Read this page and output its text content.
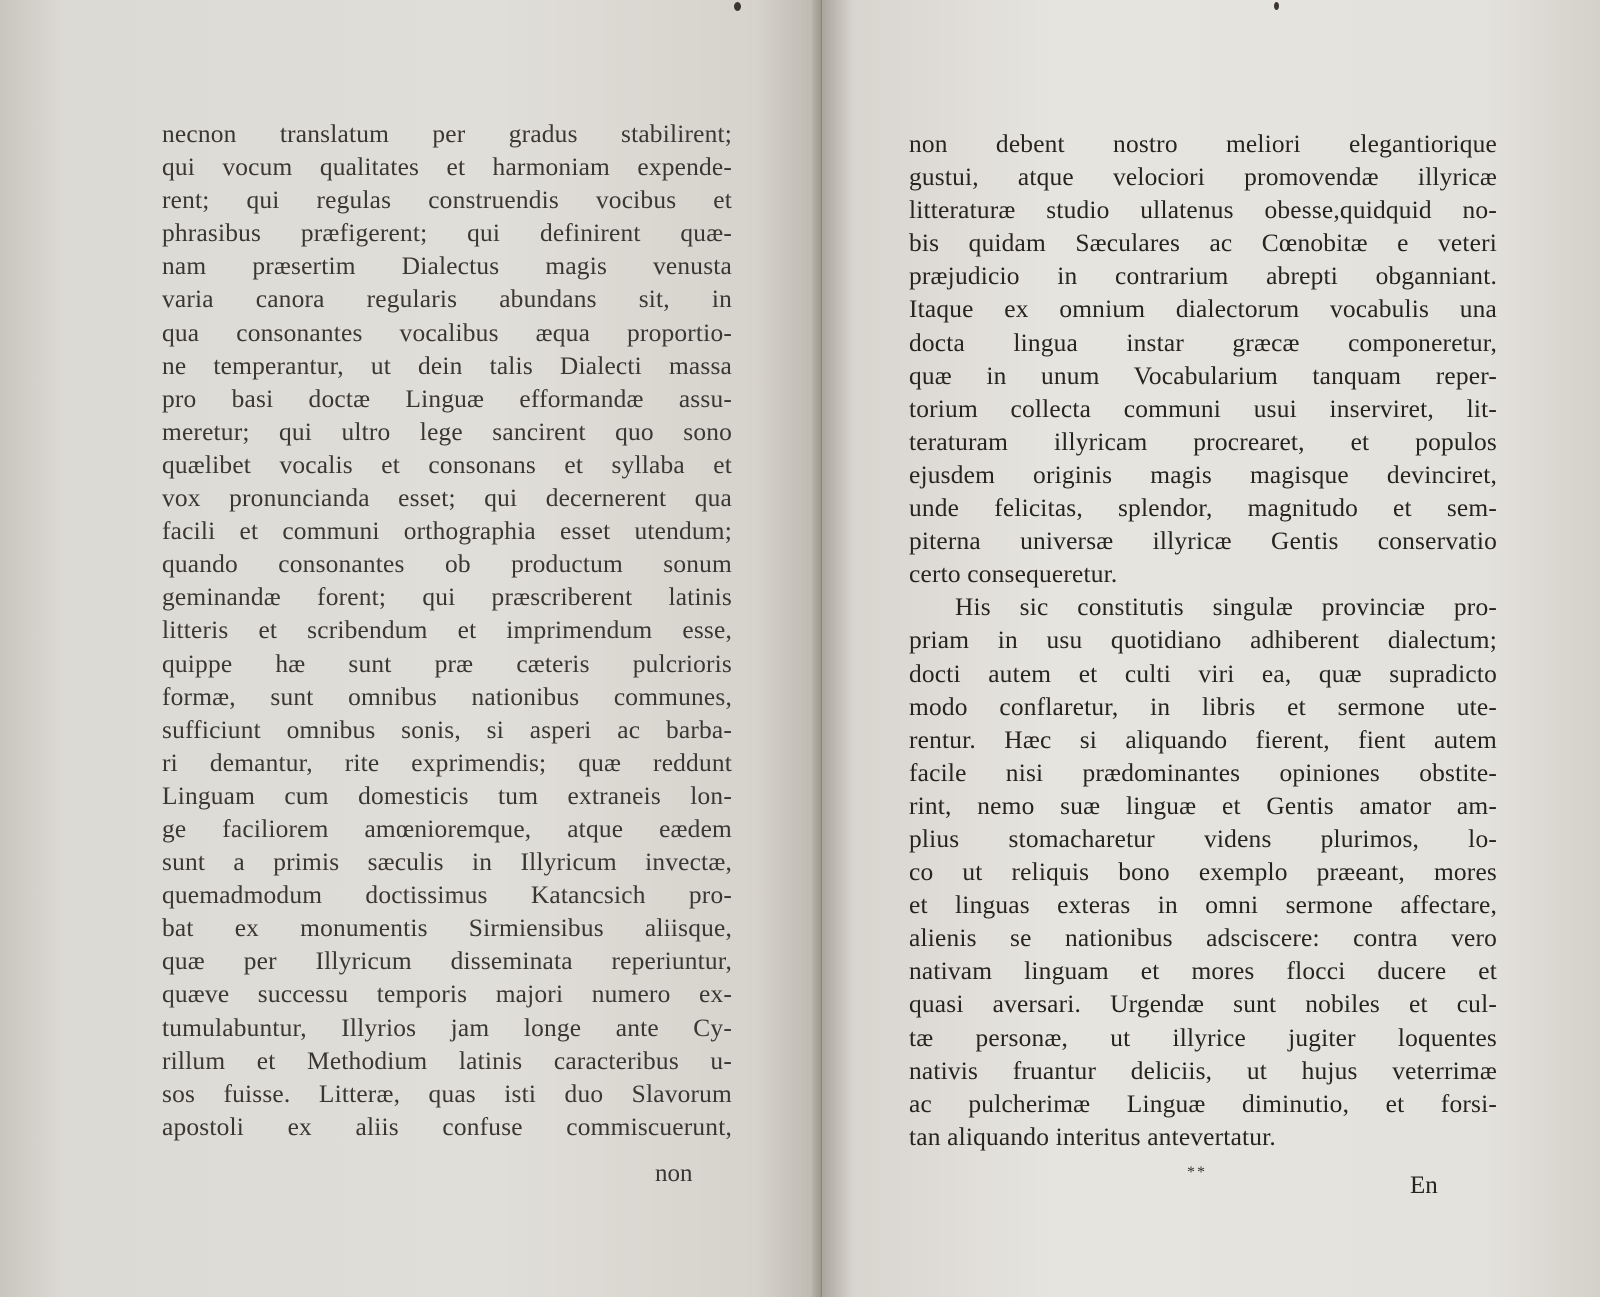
necnon translatum per gradus stabilirent;
qui vocum qualitates et harmoniam expende-
rent; qui regulas construendis vocibus et
phrasibus præfigerent; qui definirent quæ-
nam præsertim Dialectus magis venusta
varia canora regularis abundans sit, in
qua consonantes vocalibus æqua proportio-
ne temperantur, ut dein talis Dialecti massa
pro basi doctæ Linguæ efformandæ assu-
meretur; qui ultro lege sancirent quo sono
quælibet vocalis et consonans et syllaba et
vox pronuncianda esset; qui decernerent qua
facili et communi orthographia esset utendum;
quando consonantes ob productum sonum
geminandæ forent; qui præscriberent latinis
litteris et scribendum et imprimendum esse,
quippe hæ sunt præ cæteris pulcrioris
formæ, sunt omnibus nationibus communes,
sufficiunt omnibus sonis, si asperi ac barba-
ri demantur, rite exprimendis; quæ reddunt
Linguam cum domesticis tum extraneis lon-
ge faciliorem amœnioremque, atque eædem
sunt a primis sæculis in Illyricum invectæ,
quemadmodum doctissimus Katancsich pro-
bat ex monumentis Sirmiensibus aliisque,
quæ per Illyricum disseminata reperiuntur,
quæve successu temporis majori numero ex-
tumulabuntur, Illyrios jam longe ante Cy-
rillum et Methodium latinis caracteribus u-
sos fuisse. Litteræ, quas isti duo Slavorum
apostoli ex aliis confuse commiscuerunt,
non
non debent nostro meliori elegantiorique
gustui, atque velociori promovendæ illyricæ
litteraturæ studio ullatenus obesse,quidquid no-
bis quidam Sæculares ac Cœnobitæ e veteri
præjudicio in contrarium abrepti obganniant.
Itaque ex omnium dialectorum vocabulis una
docta lingua instar græcæ componeretur,
quæ in unum Vocabularium tanquam reper-
torium collecta communi usui inserviret, lit-
teraturam illyricam procrearet, et populos
ejusdem originis magis magisque devinciret,
unde felicitas, splendor, magnitudo et sem-
piterna universæ illyricæ Gentis conservatio
certo consequeretur.
His sic constitutis singulæ provinciæ pro-
priam in usu quotidiano adhiberent dialectum;
docti autem et culti viri ea, quæ supradicto
modo conflaretur, in libris et sermone ute-
rentur. Hæc si aliquando fierent, fient autem
facile nisi prædominantes opiniones obstite-
rint, nemo suæ linguæ et Gentis amator am-
plius stomacharetur videns plurimos, lo-
co ut reliquis bono exemplo præeant, mores
et linguas exteras in omni sermone affectare,
alienis se nationibus adsciscere: contra vero
nativam linguam et mores flocci ducere et
quasi aversari. Urgendæ sunt nobiles et cul-
tæ personæ, ut illyrice jugiter loquentes
nativis fruantur deliciis, ut hujus veterrimæ
ac pulcherimæ Linguæ diminutio, et forsi-
tan aliquando interitus antevertatur.
**	En
